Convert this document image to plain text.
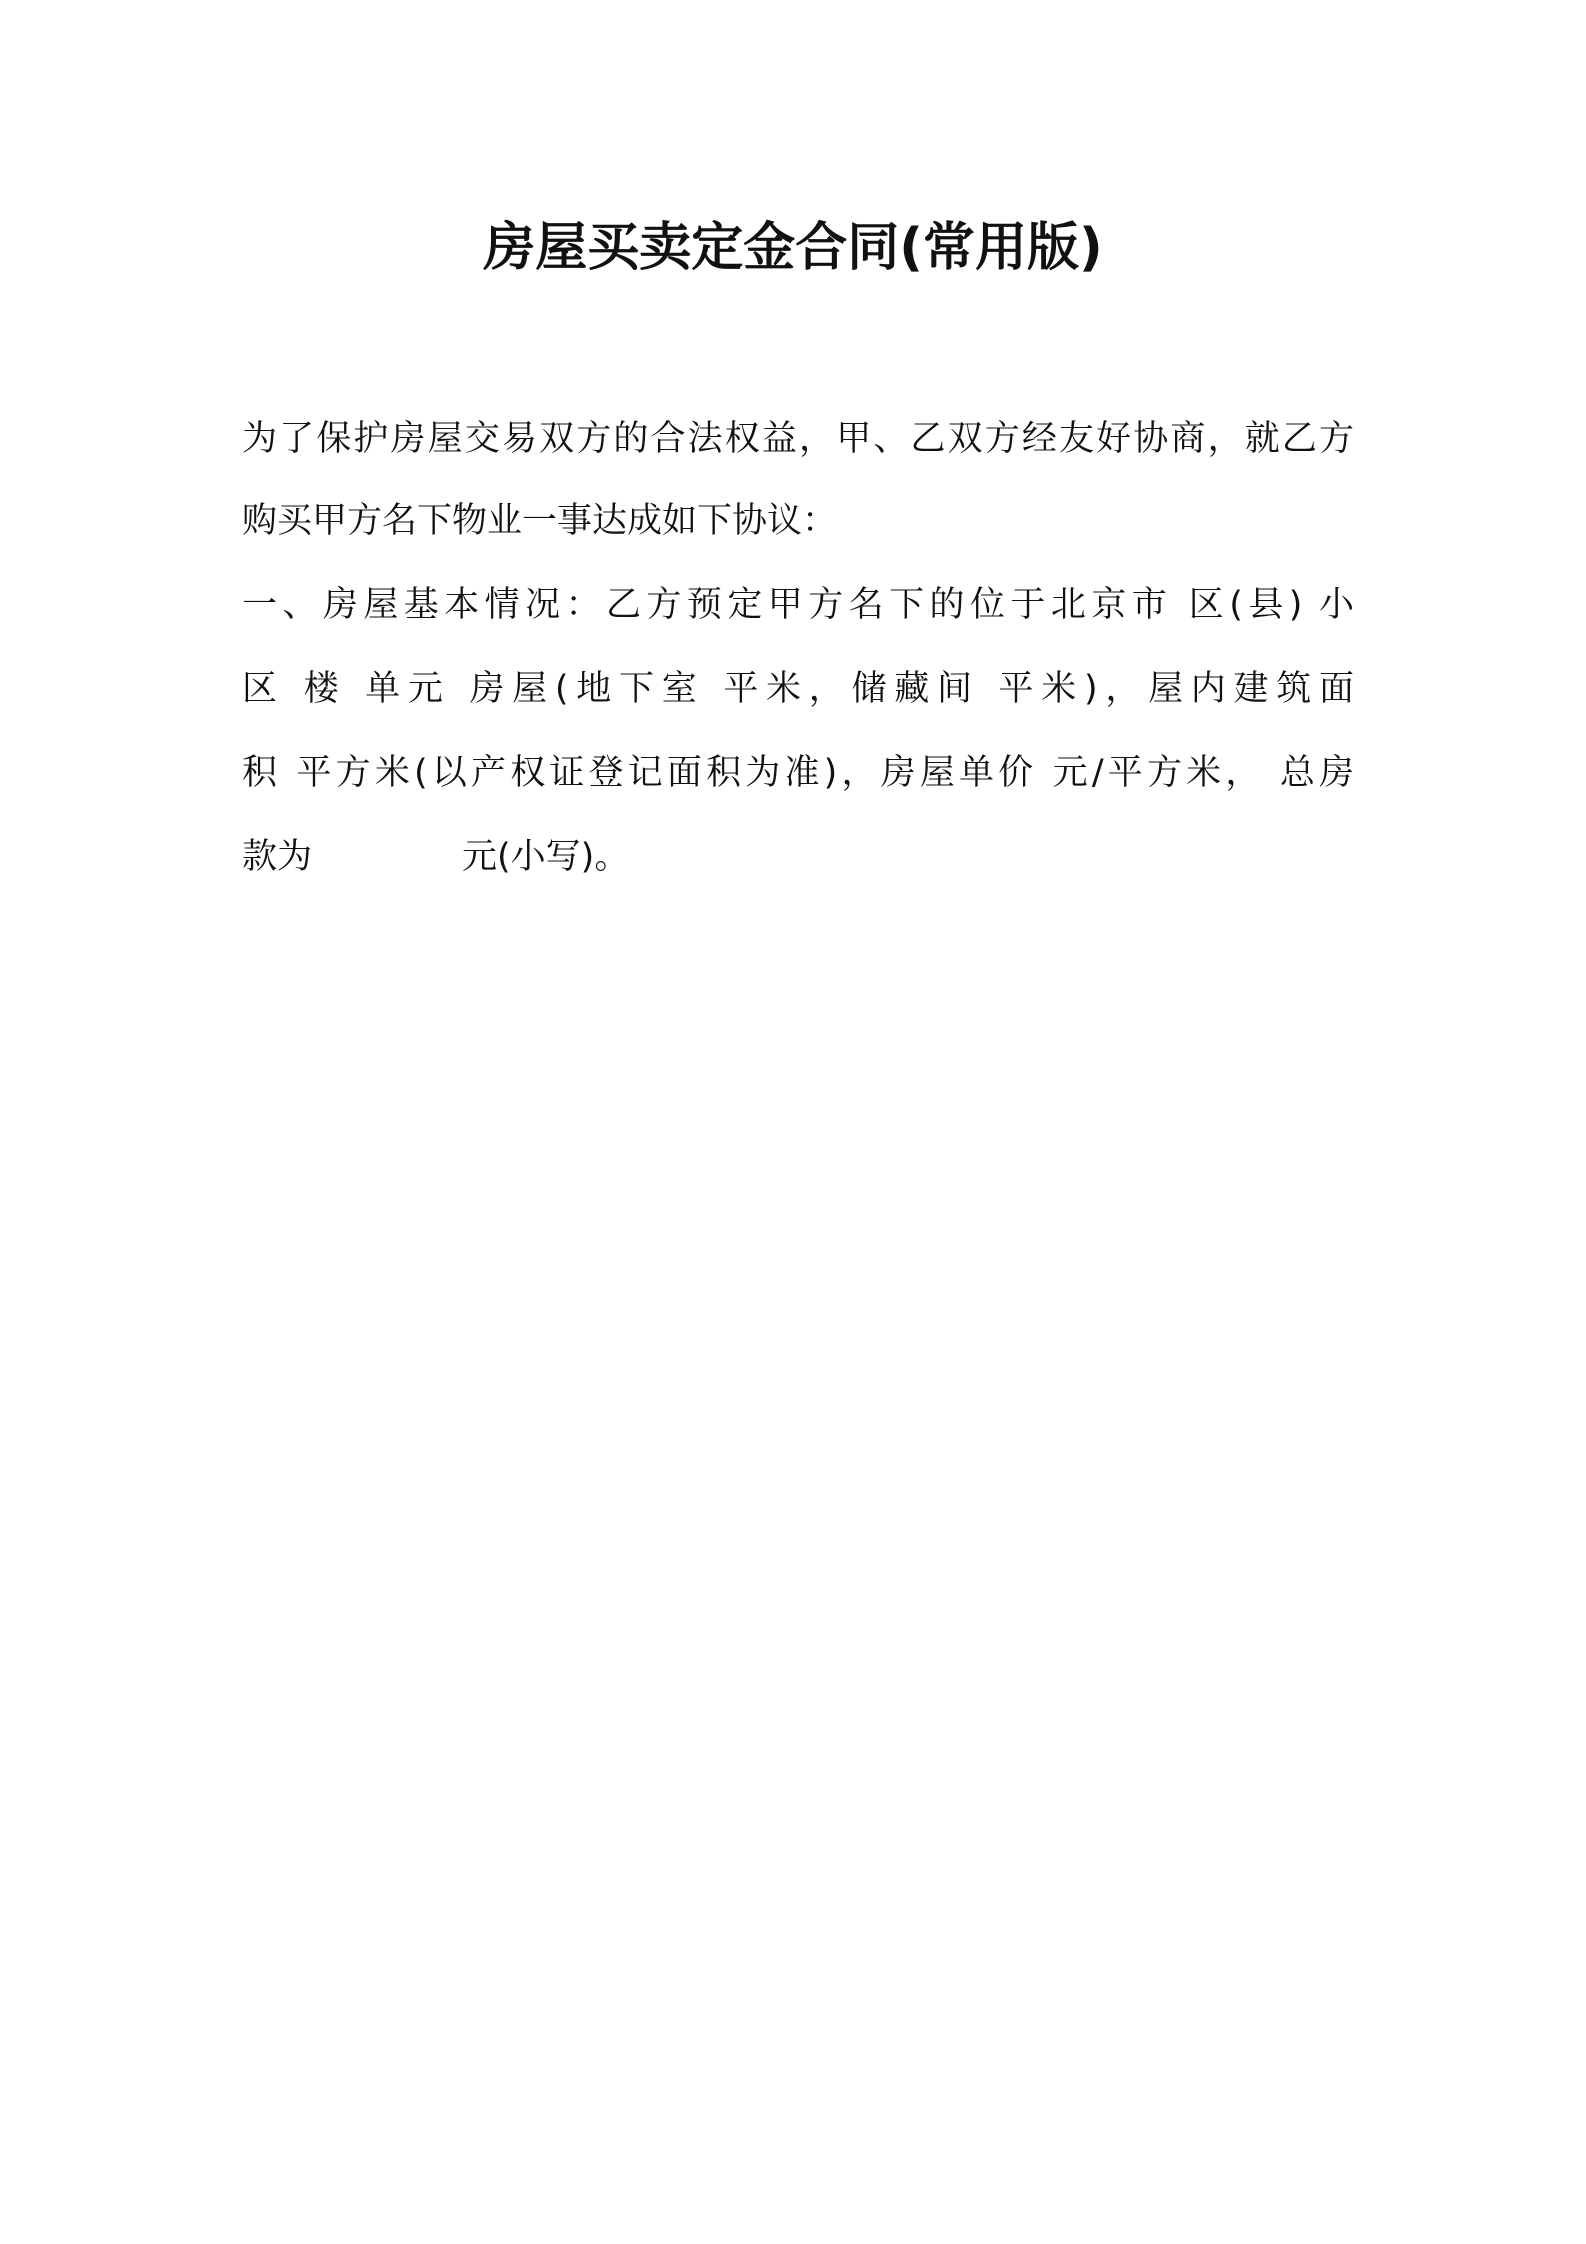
房屋买卖定金合同(常用版)
为了保护房屋交易双方的合法权益，甲、乙双方经友好协商，就乙方
购买甲方名下物业一事达成如下协议：
一、房屋基本情况：乙方预定甲方名下的位于北京市 区(县) 小
区 楼 单元 房屋(地下室 平米，储藏间 平米)，屋内建筑面
积 平方米(以产权证登记面积为准)，房屋单价 元/平方米， 总房
款为	元(小写)。
